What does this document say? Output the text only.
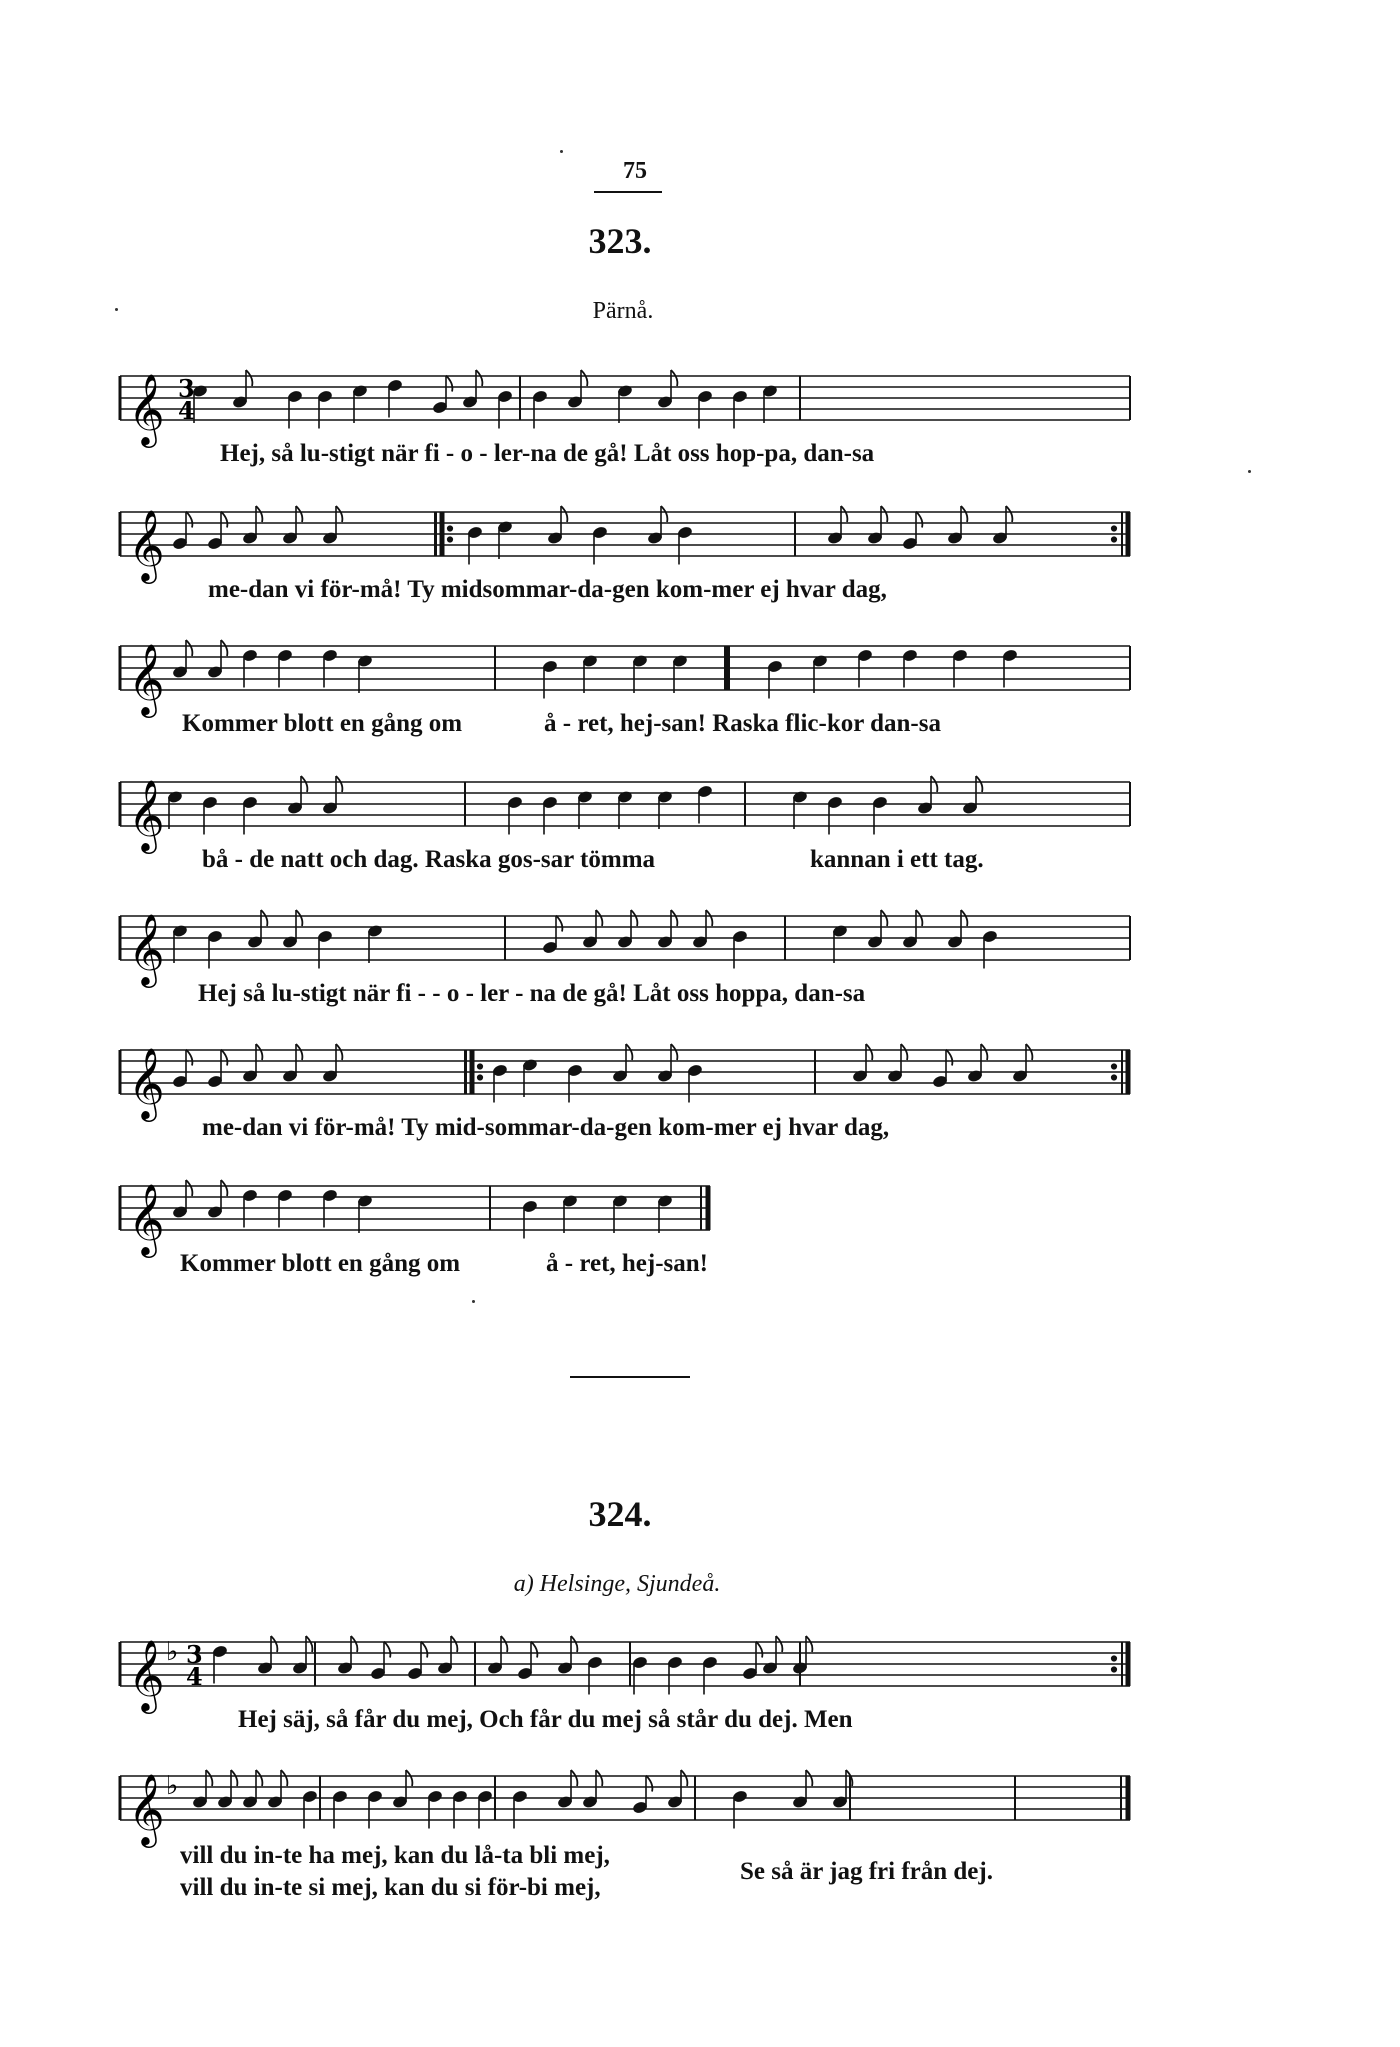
75
323.
Pärnå.
𝄞 3
4
Hej, så lu-stigt när fi - o - ler-na de gå! Låt oss hop-pa, dan-sa
𝄞
me-dan vi för-må! Ty midsommar-da-gen kom-mer ej hvar dag,
𝄞
Kommer blott en gång om	å - ret, hej-san! Raska flic-kor dan-sa
𝄞
bå - de natt och dag. Raska gos-sar tömma	kannan i ett tag.
𝄞
Hej så lu-stigt när fi - - o - ler - na de gå! Låt oss hoppa, dan-sa
𝄞
me-dan vi för-må! Ty mid-sommar-da-gen kom-mer ej hvar dag,
𝄞
Kommer blott en gång om	å - ret, hej-san!
324.
a) Helsinge, Sjundeå.
𝄞 ♭ 3
4
Hej säj, så får du mej, Och får du mej så står du dej. Men
𝄞 ♭
vill du in-te ha mej, kan du lå-ta bli mej,
vill du in-te si mej, kan du si för-bi mej,
Se så är jag fri från dej.
